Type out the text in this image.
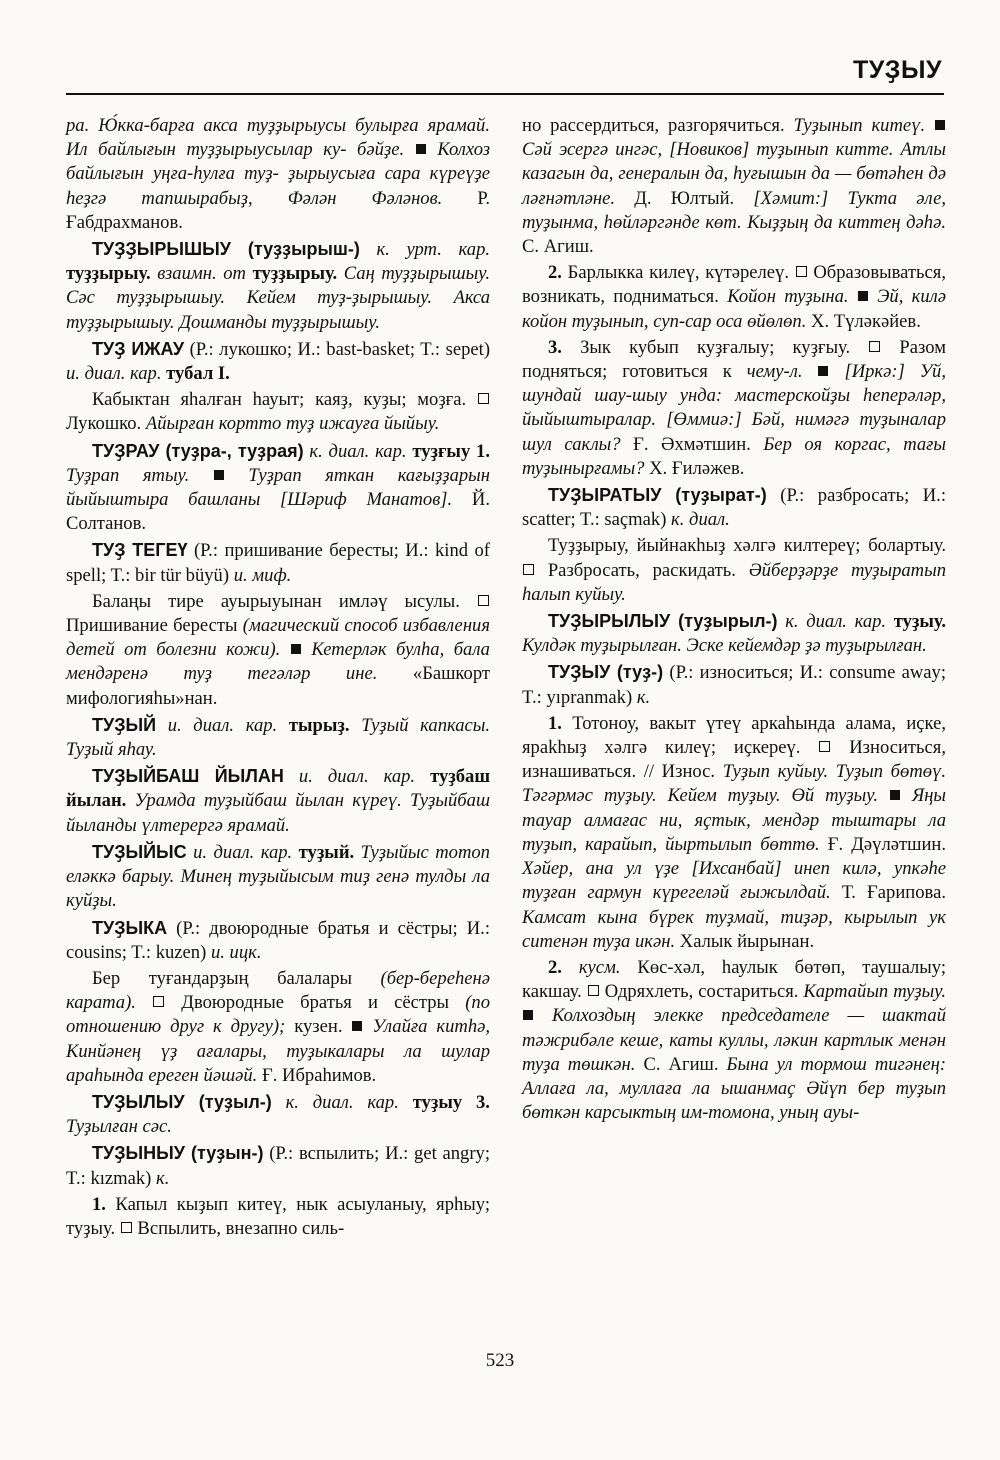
ТУҘЫУ

ра. Ю́кка-барға акса туҙҙырыусы булырға ярамай. Ил байлығын туҙҙырыусылар ку- бәйҙе. Колхоз байлығын уңға-һулға туҙ- ҙырыусыға сара күреүҙе һеҙгә тапшырабыҙ, Фәлән Фәләнов. Р. Ғабдрахманов.

ТУҘҘЫРЫШЫУ (туҙҙырыш-) к. урт. кар. туҙҙырыу. взаимн. от туҙҙырыу. Саң туҙҙырышыу. Сәс туҙҙырышыу. Кейем туҙ-ҙырышыу. Акса туҙҙырышыу. Дошманды туҙҙырышыу.

ТУҘ ИЖАУ (Р.: лукошко; И.: bast-basket; T.: sepet) и. диал. кар. тубал I.

Кабыктан яһалған һауыт; каяҙ, куҙы; моҙға.  Лукошко. Айырған кортто туҙ ижауға йыйыу.

ТУҘРАУ (туҙра-, туҙрая) к. диал. кар. туҙғыу 1. Туҙрап ятыу.	Туҙрап яткан кағыҙҙарын йыйыштыра башланы [Шәриф Манатов]. Й. Солтанов.

ТУҘ ТЕГЕҮ (Р.: пришивание бересты; И.: kind of spell; T.: bir tür büyü) и. миф.

Балаңы тире ауырыуынан имләү ысулы.  Пришивание бересты (магический способ избавления детей от болезни кожи). Кетерләк булһа, бала мендәренә туҙ тегәләр ине. «Башкорт мифологияһы»нан.

ТУҘЫЙ и. диал. кар. тырыҙ. Туҙый капкасы. Туҙый яһау.

ТУҘЫЙБАШ ЙЫЛАН и. диал. кар. туҙбаш йылан. Урамда туҙыйбаш йылан күреү. Туҙыйбаш йыланды үлтерергә ярамай.

ТУҘЫЙЫС и. диал. кар. туҙый. Туҙыйыс тотоп еләккә барыу. Минең туҙыйысым тиҙ генә тулды ла куйҙы.

ТУҘЫКА (Р.: двоюродные братья и сёстры; И.: cousins; T.: kuzen) и. ицк.

Бер туғандарҙың балалары (бер-береһенә карата). Двоюродные братья и сёстры (по отношению друг к другу); кузен. Улайға китһә, Кинйәнең үҙ ағалары, туҙыкалары ла шулар араһында ереген йәшәй. Ғ. Ибраһимов.

ТУҘЫЛЫУ (туҙыл-) к. диал. кар. туҙыу 3. Туҙылған сәс.

ТУҘЫНЫУ (туҙын-) (Р.: вспылить; И.: get angry; T.: kızmak) к.

1. Капыл кыҙып китеү, нык асыуланыу, ярһыу; туҙыу. Вспылить, внезапно силь-

но рассердиться, разгорячиться. Туҙынып китеү.  Сәй эсергә ингәс, [Новиков] туҙынып китте. Атлы казагын да, генералын да, һуғышын да — бөтәһен дә ләғнәтләне. Д. Юлтый. [Хәмит:] Тукта әле, туҙынма, һөйләргәнде көт. Кыҙҙың да киттең дәһә. С. Агиш.

2. Барлыкка килеү, күтәрелеү. Образовываться, возникать, подниматься. Койон туҙына. Эй, килә койон туҙынып, суп-сар оса өйөлөп. Х. Түләкәйев.

3. Зык кубып куҙғалыу; куҙғыу.	Разом подняться; готовиться к чему-л. [Иркә:] Уй, шундай шау-шыу унда: мастерскойҙы һеперәләр, йыйыштыралар. [Өммиә:] Бәй, нимәгә туҙыналар шул саклы? Ғ. Әхмәтшин. Бер оя коргас, тағы туҙынырғамы? Х. Ғиләжев.

ТУҘЫРАТЫУ (туҙырат-) (Р.: разбросать; И.: scatter; T.: saçmak) к. диал.

Туҙҙырыу, йыйнакһыҙ хәлгә килтереү; болартыу.  Разбросать, раскидать. Әйберҙәрҙе туҙыратып һалып куйыу.

ТУҘЫРЫЛЫУ (туҙырыл-) к. диал. кар. туҙыу. Кулдәк туҙырылған. Эске кейемдәр ҙә туҙырылған.

ТУҘЫУ (туҙ-) (Р.: износиться; И.: consume away; T.: yıpranmak) к.

1. Тотоноу, вакыт үтеү аркаһында алама, иҫке, яраkһыҙ хәлгә килеү; иҫкереү.	Износиться, изнашиваться. // Износ. Туҙып куйыу. Туҙып бөтөү. Тәгәрмәс туҙыу. Кейем туҙыу. Өй туҙыу. Яңы тауар алмағас ни, яҫтык, мендәр тыштары ла туҙып, карайып, йыртылып бөттө. Ғ. Дәүләтшин. Хәйер, ана ул үҙе [Ихсанбай] инеп килә, упкәһе туҙған гармун күрегеләй ғыжылдай. Т. Ғарипова. Камсат кына бүрек туҙмай, тиҙәр, кырылып ук ситенән туҙа икән. Халык йырынан.

2. кусм. Көс-хәл, һаулык бөтөп, таушалыу; какшау. Одряхлеть, состариться. Картайып туҙыу.  Колхоздың элекке председателе — шактай тәжрибәле кеше, каты куллы, ләкин картлык менән туҙа төшкән. С. Агиш. Бына ул тормош тигәнең: Аллаға ла, муллаға ла ышанмаҫ Әйүп бер туҙып бөткән карсыктың им-томона, уның ауы-

523
